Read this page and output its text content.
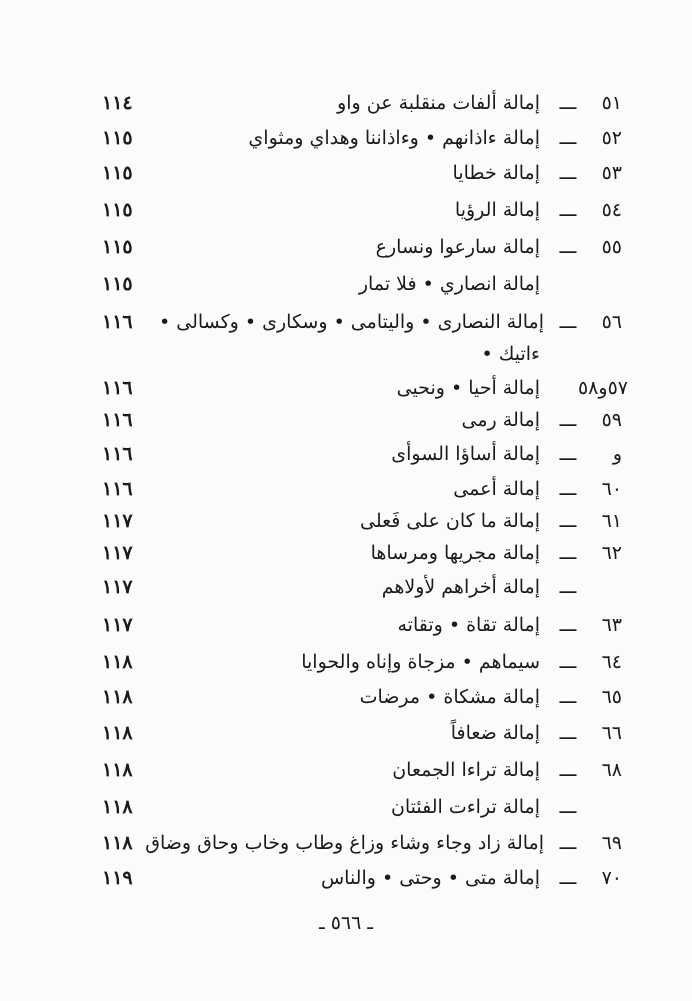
٥١
ـــ
إمالة ألفات منقلبة عن واو
١١٤
٥٢
ـــ
إمالة ءاذانهم • وءاذاننا وهداي ومثواي
١١٥
٥٣
ـــ
إمالة خطايا
١١٥
٥٤
ـــ
إمالة الرؤيا
١١٥
٥٥
ـــ
إمالة سارعوا ونسارع
١١٥
إمالة انصاري • فلا تمار
١١٥
٥٦
ـــ
إمالة النصارى • واليتامى • وسكارى • وكسالى •
١١٦
ءاتيك •
٥٧و٥٨
إمالة أحيا • ونحيى
١١٦
٥٩
ـــ
إمالة رمى
١١٦
و
ـــ
إمالة أساؤا السوأى
١١٦
٦٠
ـــ
إمالة أعمى
١١٦
٦١
ـــ
إمالة ما كان على فَعلى
١١٧
٦٢
ـــ
إمالة مجريها ومرساها
١١٧
ـــ
إمالة أخراهم لأولاهم
١١٧
٦٣
ـــ
إمالة تقاة • وتقاته
١١٧
٦٤
ـــ
سيماهم • مزجاة وإناه والحوايا
١١٨
٦٥
ـــ
إمالة مشكاة • مرضات
١١٨
٦٦
ـــ
إمالة ضعافاً
١١٨
٦٨
ـــ
إمالة تراءا الجمعان
١١٨
ـــ
إمالة تراءت الفئتان
١١٨
٦٩
ـــ
إمالة زاد وجاء وشاء وزاغ وطاب وخاب وحاق وضاق
١١٨
٧٠
ـــ
إمالة متى • وحتى • والناس
١١٩
ـ ٥٦٦ ـ
